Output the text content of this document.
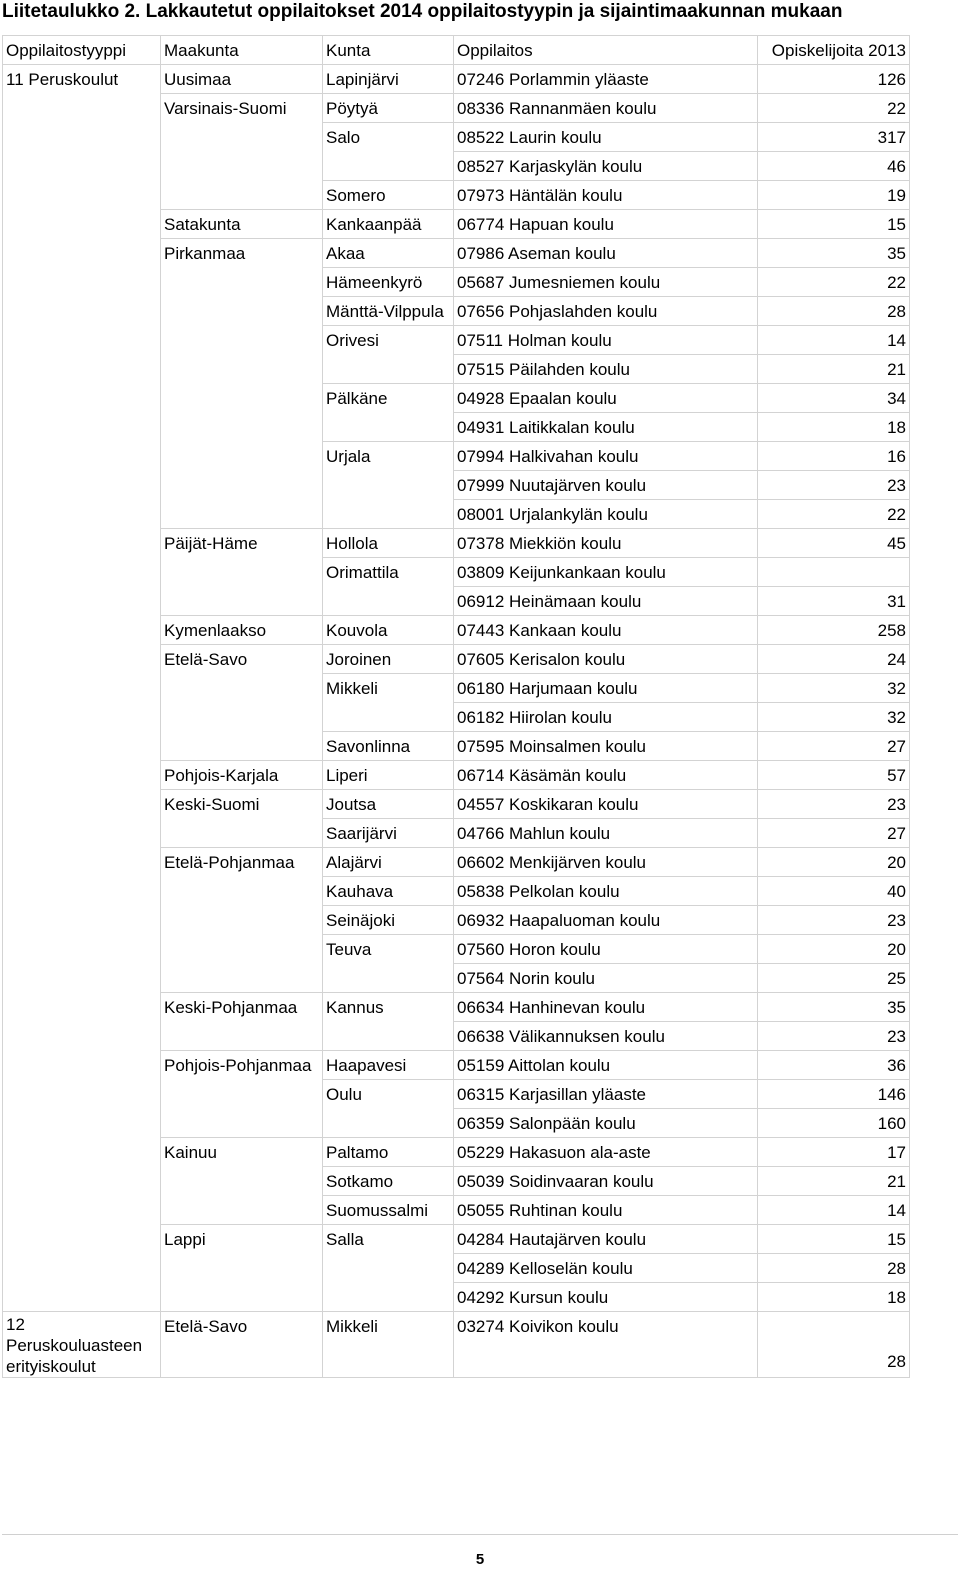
Liitetaulukko 2. Lakkautetut oppilaitokset 2014 oppilaitostyypin ja sijaintimaakunnan mukaan
Oppilaitostyyppi	Maakunta	Kunta	Oppilaitos	Opiskelijoita 2013
11 Peruskoulut	Uusimaa	Lapinjärvi	07246 Porlammin yläaste	126
	Varsinais-Suomi	Pöytyä	08336 Rannanmäen koulu	22
		Salo	08522 Laurin koulu	317
			08527 Karjaskylän koulu	46
		Somero	07973 Häntälän koulu	19
	Satakunta	Kankaanpää	06774 Hapuan koulu	15
	Pirkanmaa	Akaa	07986 Aseman koulu	35
		Hämeenkyrö	05687 Jumesniemen koulu	22
		Mänttä-Vilppula	07656 Pohjaslahden koulu	28
		Orivesi	07511 Holman koulu	14
			07515 Päilahden koulu	21
		Pälkäne	04928 Epaalan koulu	34
			04931 Laitikkalan koulu	18
		Urjala	07994 Halkivahan koulu	16
			07999 Nuutajärven koulu	23
			08001 Urjalankylän koulu	22
	Päijät-Häme	Hollola	07378 Miekkiön koulu	45
		Orimattila	03809 Keijunkankaan koulu	
			06912 Heinämaan koulu	31
	Kymenlaakso	Kouvola	07443 Kankaan koulu	258
	Etelä-Savo	Joroinen	07605 Kerisalon koulu	24
		Mikkeli	06180 Harjumaan koulu	32
			06182 Hiirolan koulu	32
		Savonlinna	07595 Moinsalmen koulu	27
	Pohjois-Karjala	Liperi	06714 Käsämän koulu	57
	Keski-Suomi	Joutsa	04557 Koskikaran koulu	23
		Saarijärvi	04766 Mahlun koulu	27
	Etelä-Pohjanmaa	Alajärvi	06602 Menkijärven koulu	20
		Kauhava	05838 Pelkolan koulu	40
		Seinäjoki	06932 Haapaluoman koulu	23
		Teuva	07560 Horon koulu	20
			07564 Norin koulu	25
	Keski-Pohjanmaa	Kannus	06634 Hanhinevan koulu	35
			06638 Välikannuksen koulu	23
	Pohjois-Pohjanmaa	Haapavesi	05159 Aittolan koulu	36
		Oulu	06315 Karjasillan yläaste	146
			06359 Salonpään koulu	160
	Kainuu	Paltamo	05229 Hakasuon ala-aste	17
		Sotkamo	05039 Soidinvaaran koulu	21
		Suomussalmi	05055 Ruhtinan koulu	14
	Lappi	Salla	04284 Hautajärven koulu	15
			04289 Kelloselän koulu	28
			04292 Kursun koulu	18

12
Peruskouluasteen
erityiskoulut	Etelä-Savo	Mikkeli	03274 Koivikon koulu	28
5
